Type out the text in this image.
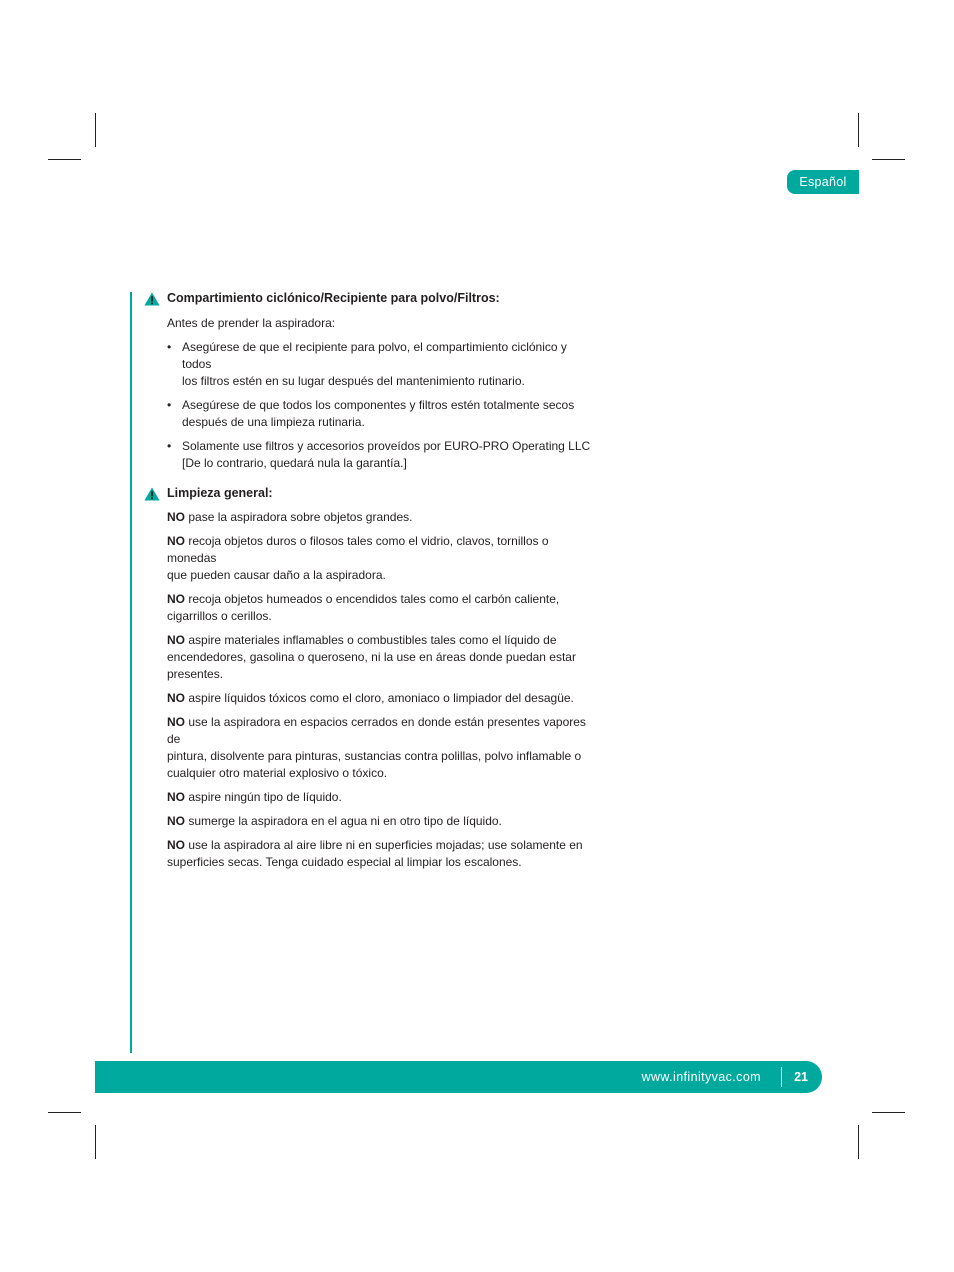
Español
Compartimiento ciclónico/Recipiente para polvo/Filtros:
Antes de prender la aspiradora:
• Asegúrese de que el recipiente para polvo, el compartimiento ciclónico y todos
los filtros estén en su lugar después del mantenimiento rutinario.
• Asegúrese de que todos los componentes y filtros estén totalmente secos
después de una limpieza rutinaria.
• Solamente use filtros y accesorios proveídos por EURO-PRO Operating LLC
[De lo contrario, quedará nula la garantía.]
Limpieza general:
NO pase la aspiradora sobre objetos grandes.
NO recoja objetos duros o filosos tales como el vidrio, clavos, tornillos o monedas
que pueden causar daño a la aspiradora.
NO recoja objetos humeados o encendidos tales como el carbón caliente,
cigarrillos o cerillos.
NO aspire materiales inflamables o combustibles tales como el líquido de
encendedores, gasolina o queroseno, ni la use en áreas donde puedan estar
presentes.
NO aspire líquidos tóxicos como el cloro, amoniaco o limpiador del desagüe.
NO use la aspiradora en espacios cerrados en donde están presentes vapores de
pintura, disolvente para pinturas, sustancias contra polillas, polvo inflamable o
cualquier otro material explosivo o tóxico.
NO aspire ningún tipo de líquido.
NO sumerge la aspiradora en el agua ni en otro tipo de líquido.
NO use la aspiradora al aire libre ni en superficies mojadas; use solamente en
superficies secas. Tenga cuidado especial al limpiar los escalones.
www.infinityvac.com	21
